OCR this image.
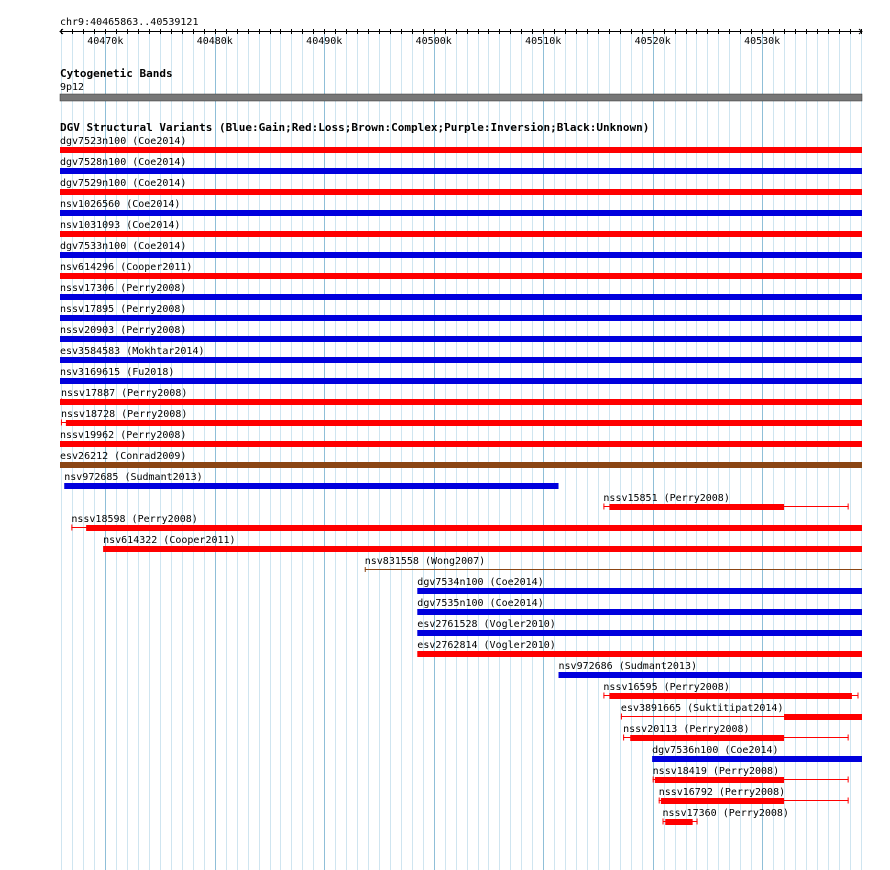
chr9:40465863..40539121
40470k	40480k	40490k	40500k	40510k	40520k	40530k
Cytogenetic Bands
9p12
DGV Structural Variants (Blue:Gain;Red:Loss;Brown:Complex;Purple:Inversion;Black:Unknown)
dgv7523n100 (Coe2014)
dgv7528n100 (Coe2014)
dgv7529n100 (Coe2014)
nsv1026560 (Coe2014)
nsv1031093 (Coe2014)
dgv7533n100 (Coe2014)
nsv614296 (Cooper2011)
nssv17306 (Perry2008)
nssv17895 (Perry2008)
nssv20903 (Perry2008)
esv3584583 (Mokhtar2014)
nsv3169615 (Fu2018)
nssv17887 (Perry2008)
nssv18728 (Perry2008)
nssv19962 (Perry2008)
esv26212 (Conrad2009)
nsv972685 (Sudmant2013)
nssv15851 (Perry2008)
nssv18598 (Perry2008)
nsv614322 (Cooper2011)
nsv831558 (Wong2007)
dgv7534n100 (Coe2014)
dgv7535n100 (Coe2014)
esv2761528 (Vogler2010)
esv2762814 (Vogler2010)
nsv972686 (Sudmant2013)
nssv16595 (Perry2008)
esv3891665 (Suktitipat2014)
nssv20113 (Perry2008)
dgv7536n100 (Coe2014)
nssv18419 (Perry2008)
nssv16792 (Perry2008)
nssv17360 (Perry2008)
